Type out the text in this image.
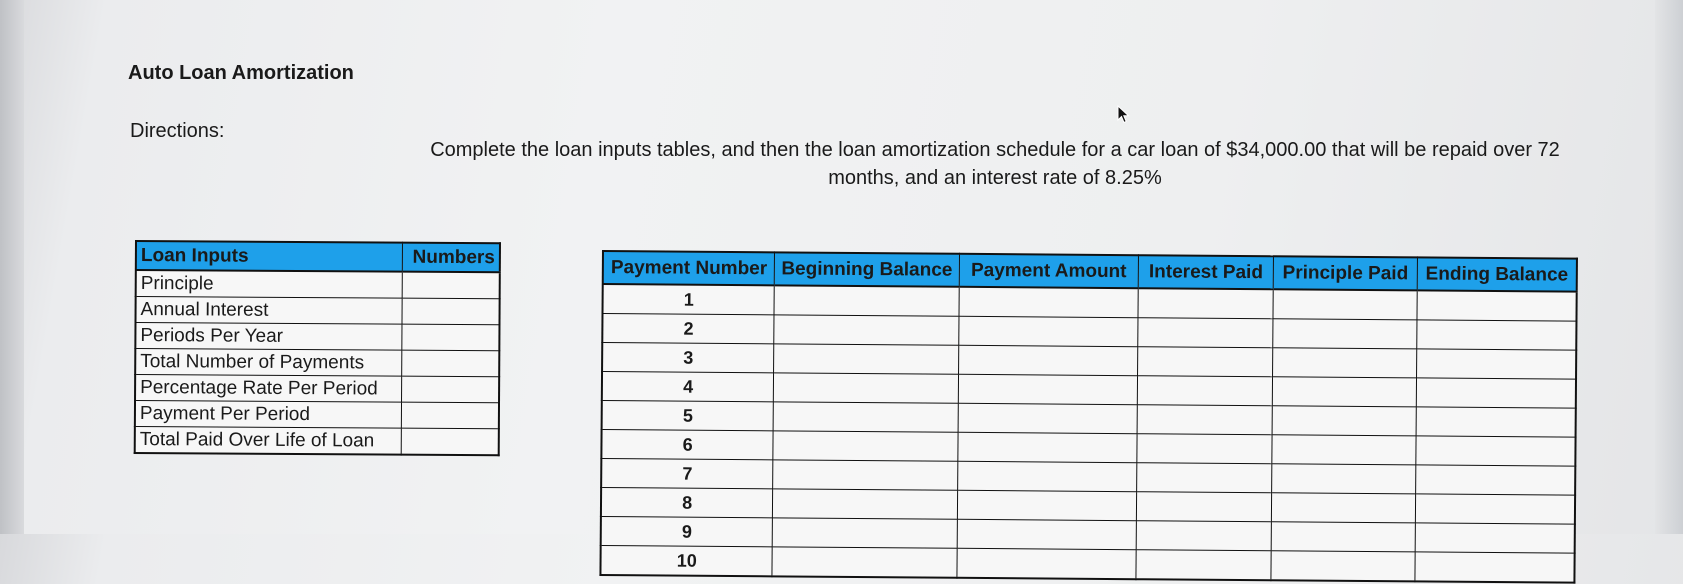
Auto Loan Amortization
Directions:
Complete the loan inputs tables, and then the loan amortization schedule for a car loan of $34,000.00 that will be repaid over 72
months, and an interest rate of 8.25%
Loan Inputs	Numbers
Principle	
Annual Interest	
Periods Per Year	
Total Number of Payments	
Percentage Rate Per Period	
Payment Per Period	
Total Paid Over Life of Loan	
Payment Number	Beginning Balance	Payment Amount	Interest Paid	Principle Paid	Ending Balance
1					
2					
3					
4					
5					
6					
7					
8					
9					
10					
